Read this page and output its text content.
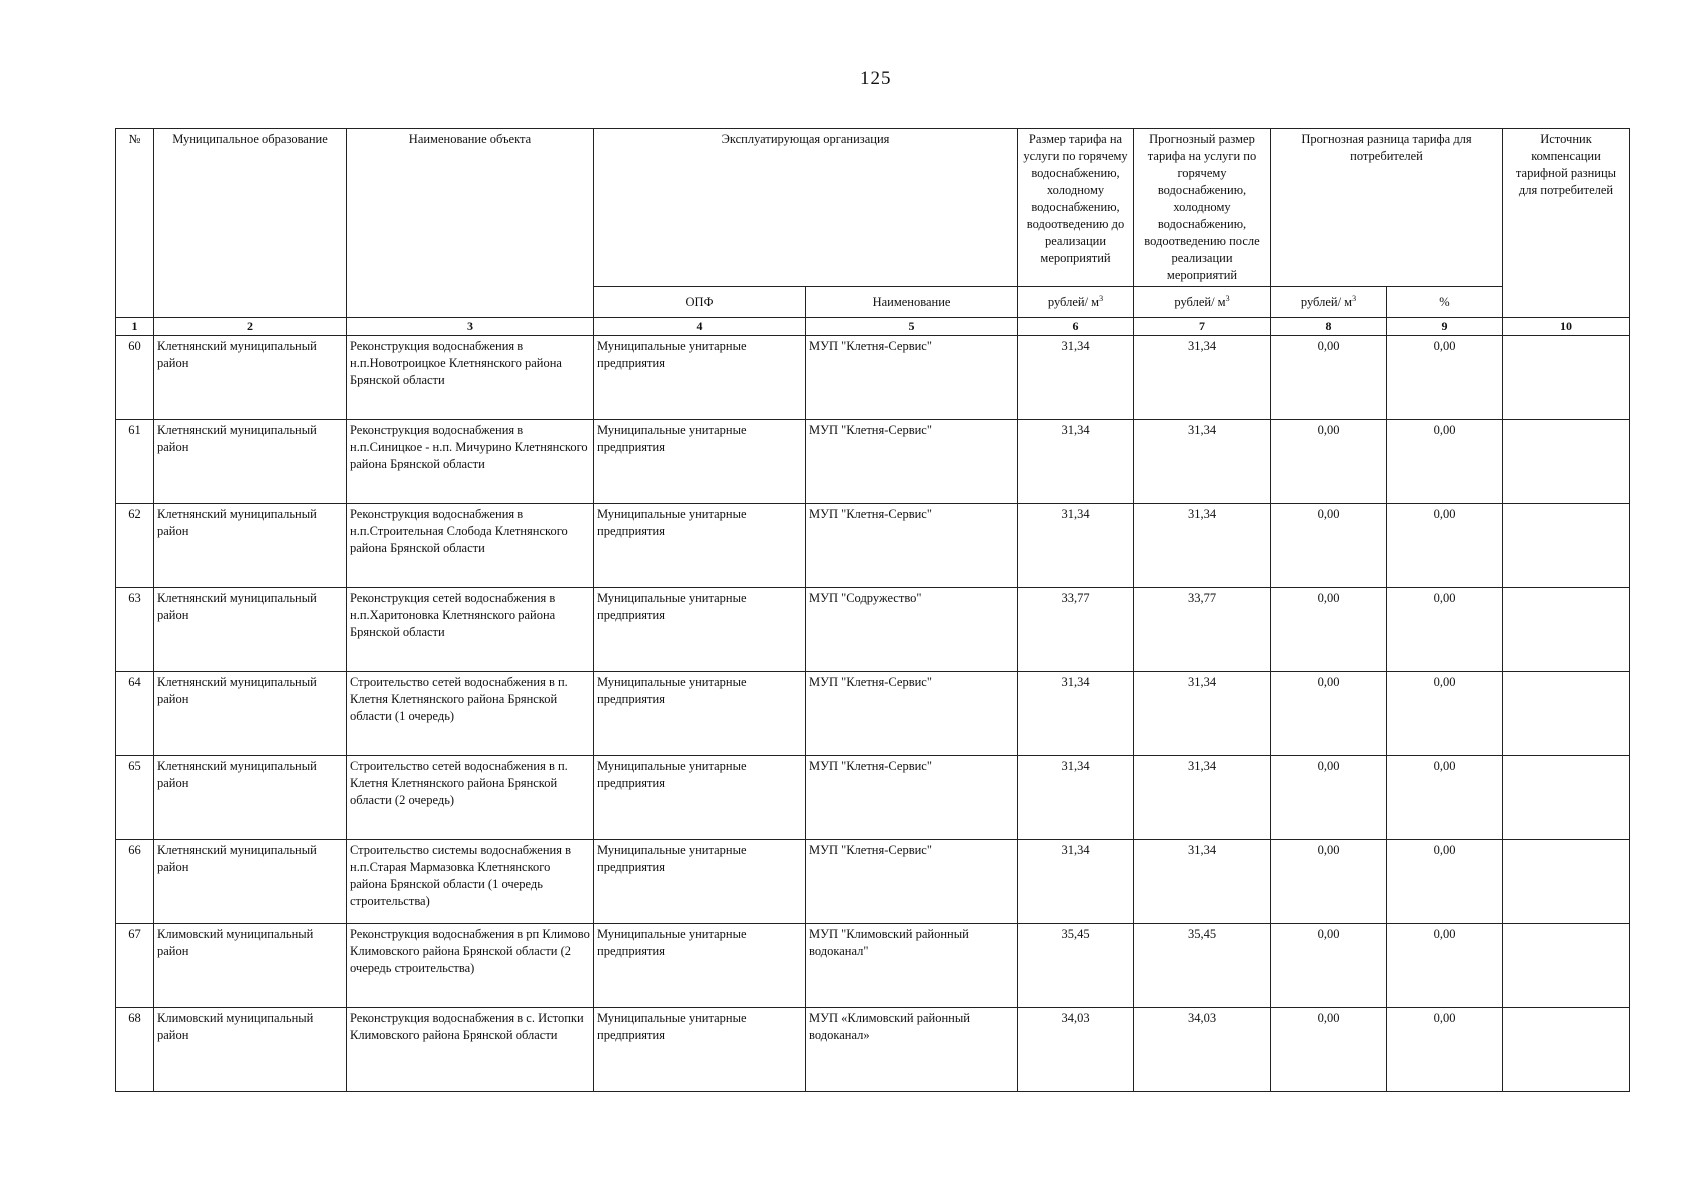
125
№	Муниципальное образование	Наименование объекта	Эксплуатирующая организация		Размер тарифа на услуги по горячему водоснабжению, холодному водоснабжению, водоотведению до реализации мероприятий	Прогнозный размер тарифа на услуги по горячему водоснабжению, холодному водоснабжению, водоотведению после реализации мероприятий	Прогнозная разница тарифа для потребителей		Источник компенсации тарифной разницы для потребителей
			ОПФ	Наименование	рублей/ $м^3$	рублей/ $м^3$	рублей/ $м^3$	%	
1	2	3	4	5	6	7	8	9	10
60	Клетнянский муниципальный район	Реконструкция водоснабжения в н.п.Новотроицкое Клетнянского района Брянской области	Муниципальные унитарные предприятия	МУП "Клетня-Сервис"	31,34	31,34	0,00	0,00	
61	Клетнянский муниципальный район	Реконструкция водоснабжения в н.п.Синицкое - н.п. Мичурино Клетнянского района Брянской области	Муниципальные унитарные предприятия	МУП "Клетня-Сервис"	31,34	31,34	0,00	0,00	
62	Клетнянский муниципальный район	Реконструкция водоснабжения в н.п.Строительная Слобода Клетнянского района Брянской области	Муниципальные унитарные предприятия	МУП "Клетня-Сервис"	31,34	31,34	0,00	0,00	
63	Клетнянский муниципальный район	Реконструкция сетей водоснабжения в н.п.Харитоновка Клетнянского района Брянской области	Муниципальные унитарные предприятия	МУП "Содружество"	33,77	33,77	0,00	0,00	
64	Клетнянский муниципальный район	Строительство сетей водоснабжения в п. Клетня Клетнянского района Брянской области (1 очередь)	Муниципальные унитарные предприятия	МУП "Клетня-Сервис"	31,34	31,34	0,00	0,00	
65	Клетнянский муниципальный район	Строительство сетей водоснабжения в п. Клетня Клетнянского района Брянской области (2 очередь)	Муниципальные унитарные предприятия	МУП "Клетня-Сервис"	31,34	31,34	0,00	0,00	
66	Клетнянский муниципальный район	Строительство системы водоснабжения в н.п.Старая Мармазовка Клетнянского района Брянской области (1 очередь строительства)	Муниципальные унитарные предприятия	МУП "Клетня-Сервис"	31,34	31,34	0,00	0,00	
67	Климовский муниципальный район	Реконструкция водоснабжения в рп Климово Климовского района Брянской области (2 очередь строительства)	Муниципальные унитарные предприятия	МУП "Климовский районный водоканал"	35,45	35,45	0,00	0,00	
68	Климовский муниципальный район	Реконструкция водоснабжения в с. Истопки Климовского района Брянской области	Муниципальные унитарные предприятия	МУП «Климовский районный водоканал»	34,03	34,03	0,00	0,00	
